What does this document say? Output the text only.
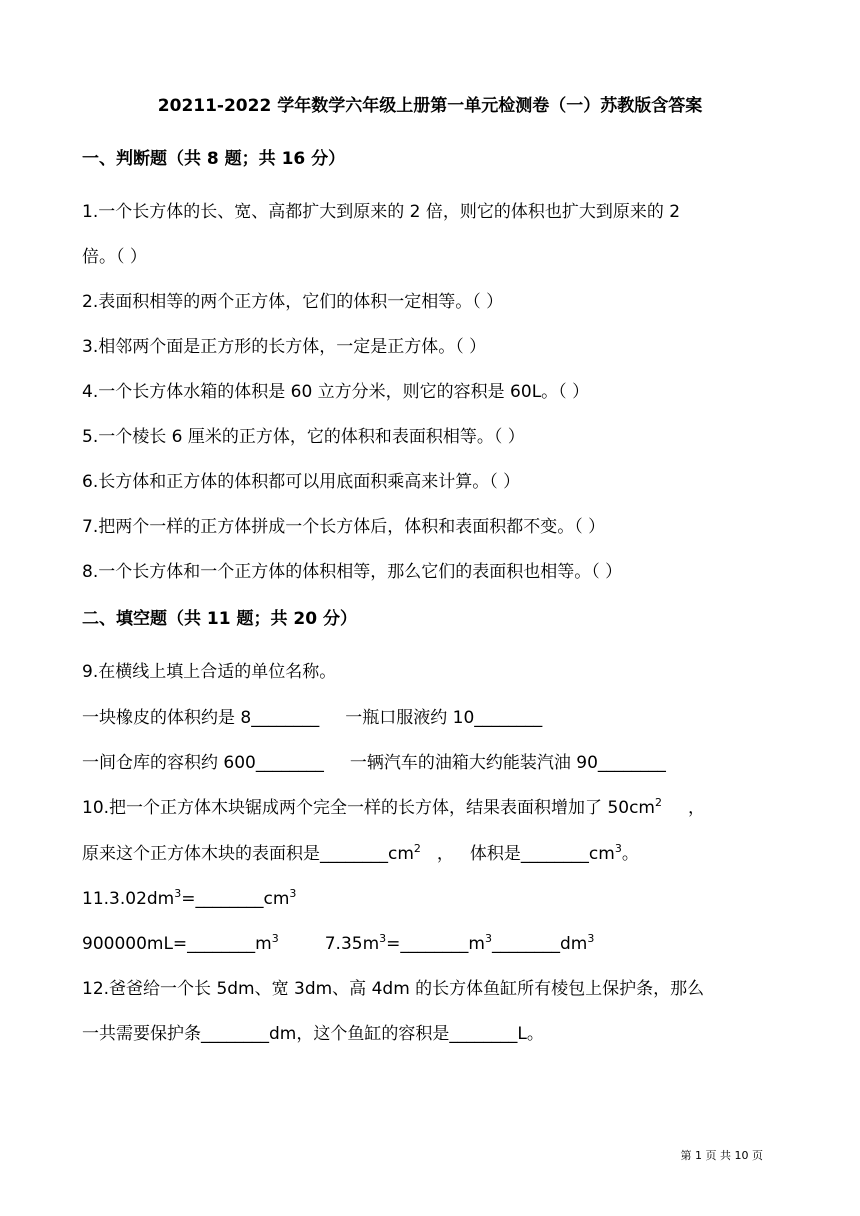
20211-2022 学年数学六年级上册第一单元检测卷（一）苏教版含答案
一、判断题（共 8 题；共 16 分）
1.一个长方体的长、宽、高都扩大到原来的 2 倍，则它的体积也扩大到原来的 2
倍。（ ）
2.表面积相等的两个正方体，它们的体积一定相等。（ ）
3.相邻两个面是正方形的长方体，一定是正方体。（ ）
4.一个长方体水箱的体积是 60 立方分米，则它的容积是 60L。（ ）
5.一个棱长 6 厘米的正方体，它的体积和表面积相等。（ ）
6.长方体和正方体的体积都可以用底面积乘高来计算。（ ）
7.把两个一样的正方体拼成一个长方体后，体积和表面积都不变。（ ）
8.一个长方体和一个正方体的体积相等，那么它们的表面积也相等。（ ）
二、填空题（共 11 题；共 20 分）
9.在横线上填上合适的单位名称。
一块橡皮的体积约是 8________ 一瓶口服液约 10________
一间仓库的容积约 600________ 一辆汽车的油箱大约能装汽油 90________
10.把一个正方体木块锯成两个完全一样的长方体，结果表面积增加了 $50cm^2$ ，
原来这个正方体木块的表面积是$\_\_\_\_\_\_\_\_cm^2$ ， 体积是$\_\_\_\_\_\_\_\_cm^3$。
$11.3.02dm^3=\_\_\_\_\_\_\_\_cm^3$
$900000mL=\_\_\_\_\_\_\_\_m^3$	$7.35m^3=\_\_\_\_\_\_\_\_m^3\_\_\_\_\_\_\_\_dm^3$
12.爸爸给一个长 5dm、宽 3dm、高 4dm 的长方体鱼缸所有棱包上保护条，那么
一共需要保护条________dm，这个鱼缸的容积是________L。
第 1 页 共 10 页
